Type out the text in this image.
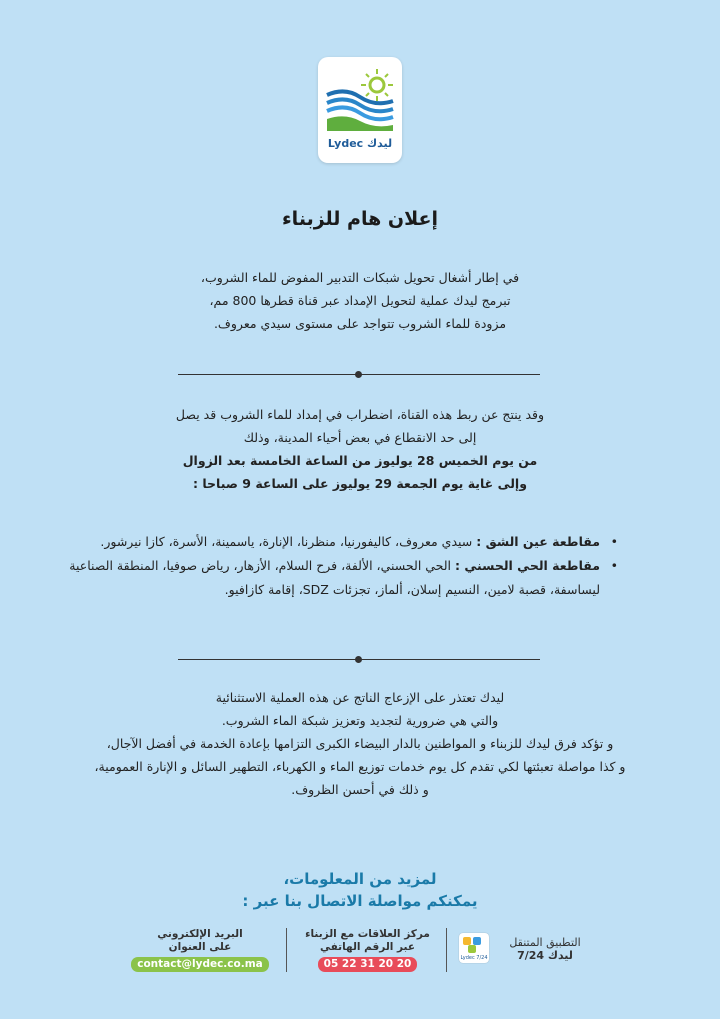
Lydec ليدك
إعلان هام للزبناء

في إطار أشغال تحويل شبكات التدبير المفوض للماء الشروب،

تبرمج ليدك عملية لتحويل الإمداد عبر قناة قطرها 800 مم،

مزودة للماء الشروب تتواجد على مستوى سيدي معروف.

وقد ينتج عن ربط هذه القناة، اضطراب في إمداد للماء الشروب قد يصل

إلى حد الانقطاع في بعض أحياء المدينة، وذلك

من يوم الخميس 28 يوليوز من الساعة الخامسة بعد الزوال

وإلى غاية يوم الجمعة 29 يوليوز على الساعة 9 صباحا :

• مقاطعة عين الشق : سيدي معروف، كاليفورنيا، منظرنا، الإنارة، ياسمينة، الأسرة، كازا نيرشور.
• مقاطعة الحي الحسني : الحي الحسني، الألفة، فرح السلام، الأزهار، رياض صوفيا، المنطقة الصناعية ليساسفة، قصبة لامين، النسيم إسلان، ألماز، تجزئات SDZ، إقامة كازافيو.

ليدك تعتذر على الإزعاج الناتج عن هذه العملية الاستثنائية

والتي هي ضرورية لتجديد وتعزيز شبكة الماء الشروب.

و تؤكد فرق ليدك للزبناء و المواطنين بالدار البيضاء الكبرى التزامها بإعادة الخدمة في أفضل الآجال،

و كذا مواصلة تعبئتها لكي تقدم كل يوم خدمات توزيع الماء و الكهرباء، التطهير السائل و الإنارة العمومية،

و ذلك في أحسن الظروف.

لمزيد من المعلومات،
يمكنكم مواصلة الاتصال بنا عبر :
البريد الإلكتروني
على العنوان
contact@lydec.co.ma
مركز العلاقات مع الزبناء
عبر الرقم الهاتفي
05 22 31 20 20	Lydec 7/24
التطبيق المتنقل
ليدك 7/24
